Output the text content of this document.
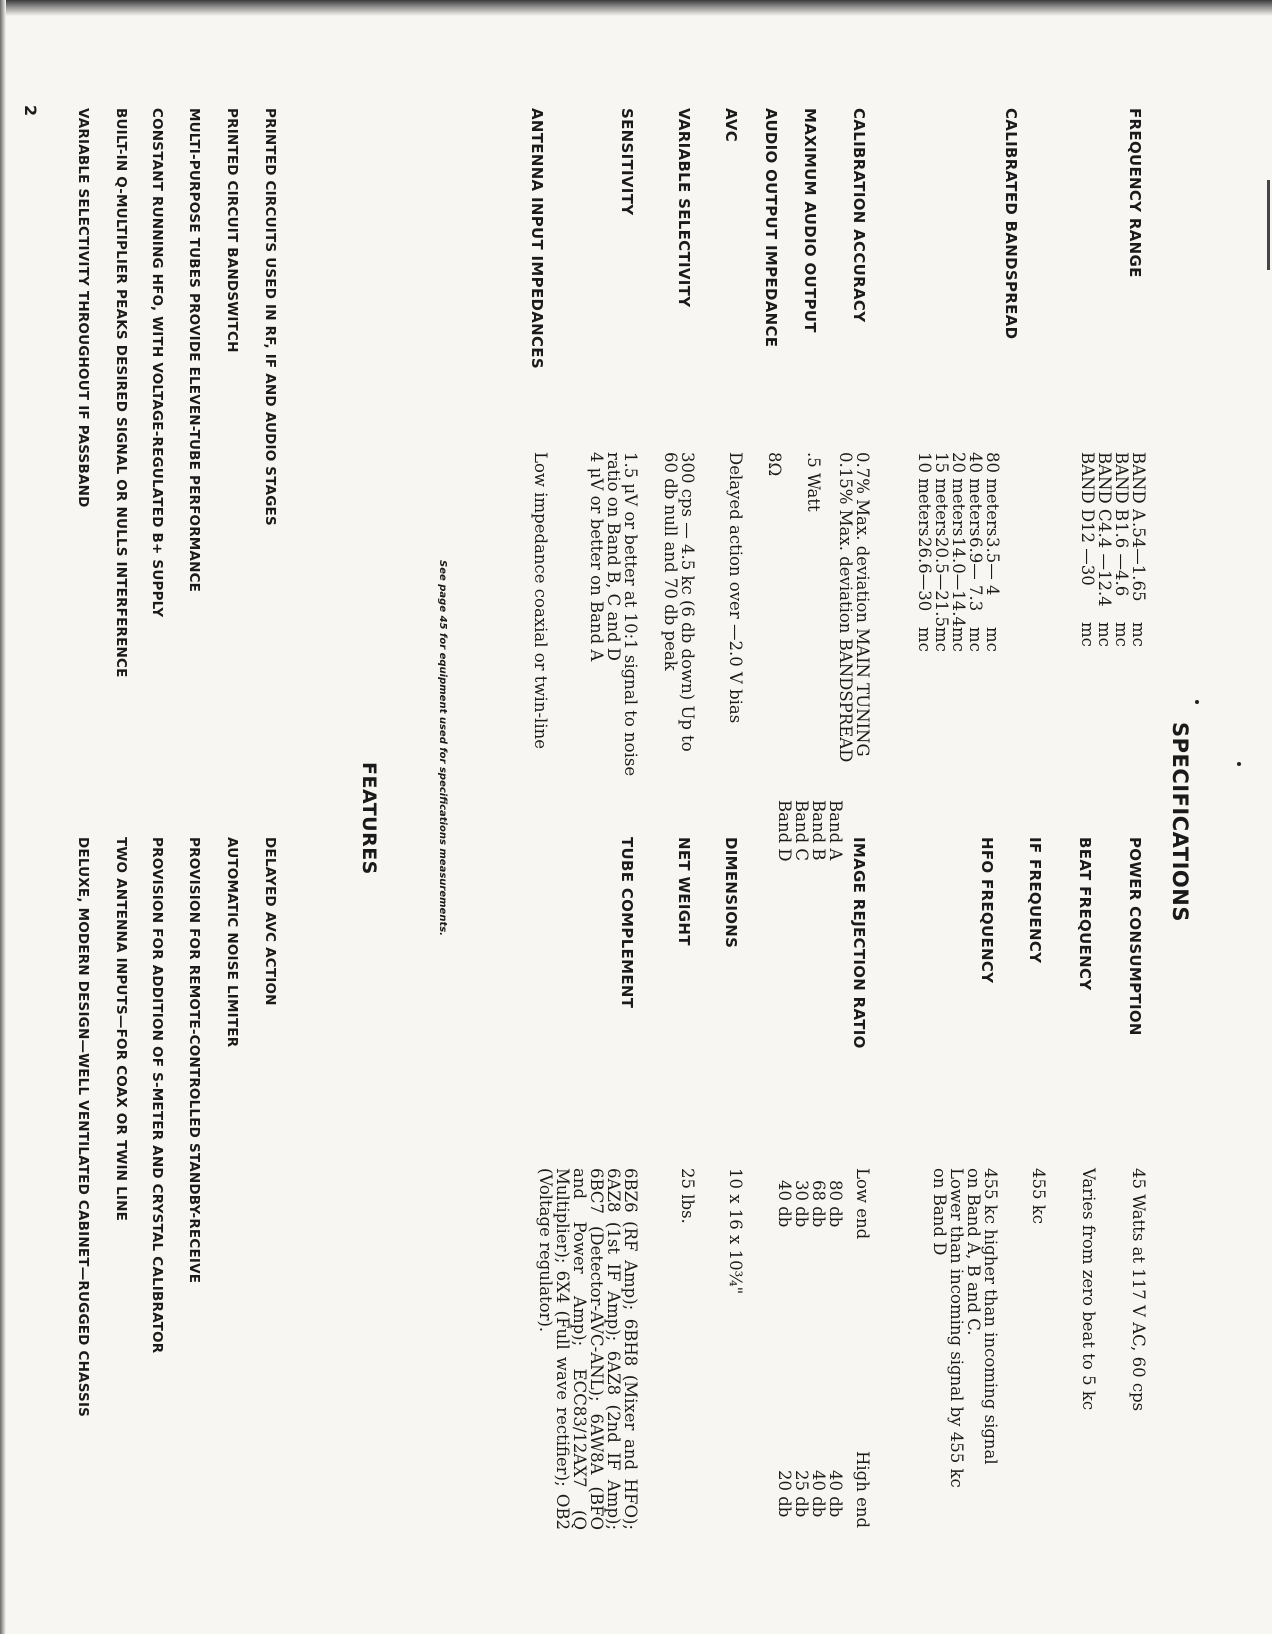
SPECIFICATIONS
FREQUENCY RANGE
BAND A
.54—1.65
mc
BAND B
1.6 —4.6
mc
BAND C
4.4 —12.4
mc
BAND D
12 —30
mc
CALIBRATED BANDSPREAD
80 meters
3.5— 4
mc
40 meters
6.9— 7.3
mc
20 meters
14.0—14.4
mc
15 meters
20.5—21.5
mc
10 meters
26.6—30
mc
CALIBRATION ACCURACY
0.7% Max. deviation MAIN TUNING
0.15% Max. deviation BANDSPREAD
MAXIMUM AUDIO OUTPUT
.5 Watt
AUDIO OUTPUT IMPEDANCE
8Ω
AVC
Delayed action over —2.0 V bias
VARIABLE SELECTIVITY
300 cps — 4.5 kc (6 db down) Up to
60 db null and 70 db peak
SENSITIVITY
1.5 μV or better at 10:1 signal to noise
ratio on Band B, C and D
4 μV or better on Band A
ANTENNA INPUT IMPEDANCES
Low impedance coaxial or twin-line
POWER CONSUMPTION
45 Watts at 117 V AC, 60 cps
BEAT FREQUENCY
Varies from zero beat to 5 kc
IF FREQUENCY
455 kc
HFO FREQUENCY
455 kc higher than incoming signal
on Band A, B and C.
Lower than incoming signal by 455 kc
on Band D
IMAGE REJECTION RATIO
Low end
High end
Band A
80 db
40 db
Band B
68 db
40 db
Band C
30 db
25 db
Band D
40 db
20 db
DIMENSIONS
10 x 16 x 10¾"
NET WEIGHT
25 lbs.
TUBE COMPLEMENT
6BZ6 (RF Amp); 6BH8 (Mixer and HFO); 6AZ8 (1st IF Amp); 6AZ8 (2nd IF Amp); 6BC7 (Detector-AVC-ANL); 6AW8A (BFO and Power Amp); ECC83/12AX7 (Q Multiplier); 6X4 (Full wave rectifier); OB2 (Voltage regulator).
See page 45 for equipment used for specifications measurements.
FEATURES
PRINTED CIRCUITS USED IN RF, IF AND AUDIO STAGES
PRINTED CIRCUIT BANDSWITCH
MULTI-PURPOSE TUBES PROVIDE ELEVEN-TUBE PERFORMANCE
CONSTANT RUNNING HFO, WITH VOLTAGE-REGULATED B+ SUPPLY
BUILT-IN Q-MULTIPLIER PEAKS DESIRED SIGNAL OR NULLS INTERFERENCE
VARIABLE SELECTIVITY THROUGHOUT IF PASSBAND
DELAYED AVC ACTION
AUTOMATIC NOISE LIMITER
PROVISION FOR REMOTE-CONTROLLED STANDBY-RECEIVE
PROVISION FOR ADDITION OF S-METER AND CRYSTAL CALIBRATOR
TWO ANTENNA INPUTS—FOR COAX OR TWIN LINE
DELUXE, MODERN DESIGN—WELL VENTILATED CABINET—RUGGED CHASSIS
2
